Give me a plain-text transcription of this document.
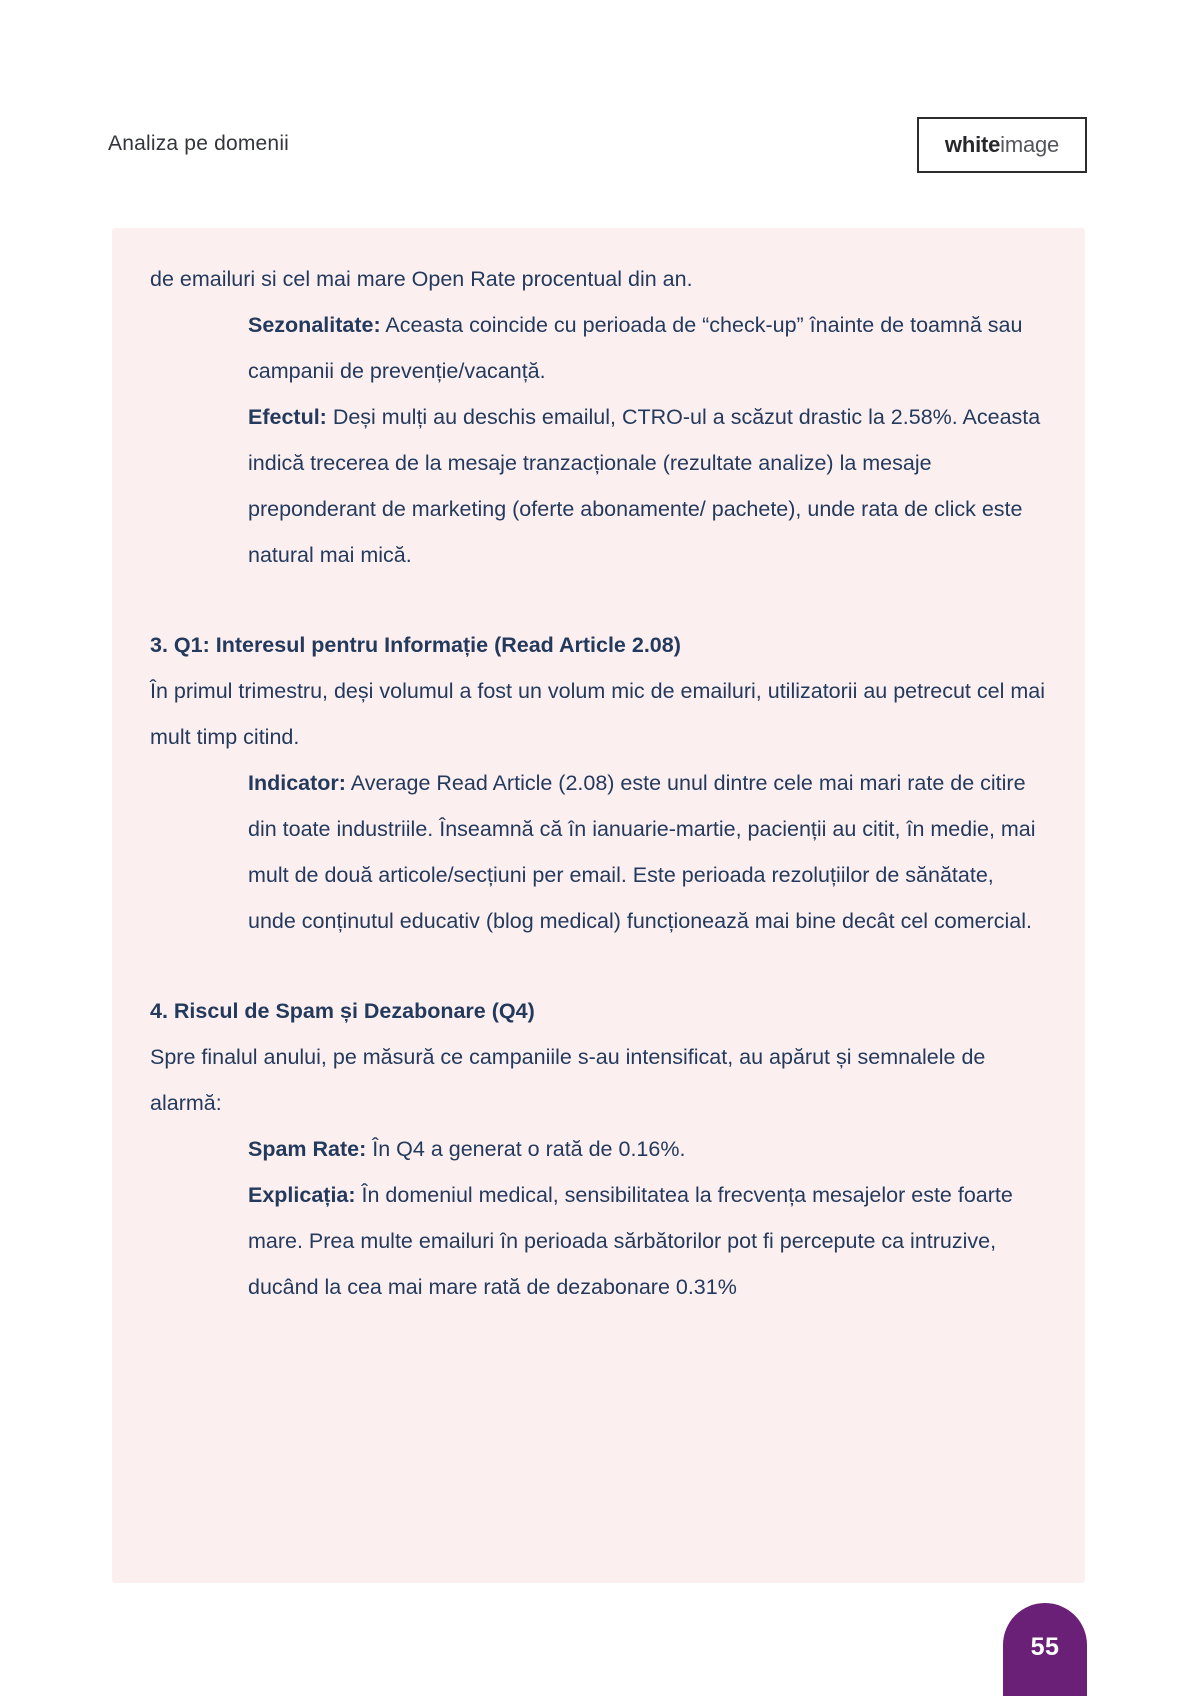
Analiza pe domenii	white image

de emailuri si cel mai mare Open Rate procentual din an.

Sezonalitate: Aceasta coincide cu perioada de “check-up” înainte de toamnă sau campanii de prevenție/vacanță.

Efectul: Deși mulți au deschis emailul, CTRO-ul a scăzut drastic la 2.58%. Aceasta indică trecerea de la mesaje tranzacționale (rezultate analize) la mesaje preponderant de marketing (oferte abonamente/ pachete), unde rata de click este natural mai mică.

3. Q1: Interesul pentru Informație (Read Article 2.08)

În primul trimestru, deși volumul a fost un volum mic de emailuri, utilizatorii au petrecut cel mai mult timp citind.

Indicator: Average Read Article (2.08) este unul dintre cele mai mari rate de citire din toate industriile. Înseamnă că în ianuarie-martie, pacienții au citit, în medie, mai mult de două articole/secțiuni per email. Este perioada rezoluțiilor de sănătate, unde conținutul educativ (blog medical) funcționează mai bine decât cel comercial.

4. Riscul de Spam și Dezabonare (Q4)

Spre finalul anului, pe măsură ce campaniile s-au intensificat, au apărut și semnalele de alarmă:

Spam Rate: În Q4 a generat o rată de 0.16%.

Explicația: În domeniul medical, sensibilitatea la frecvența mesajelor este foarte mare. Prea multe emailuri în perioada sărbătorilor pot fi percepute ca intruzive, ducând la cea mai mare rată de dezabonare 0.31%

55
